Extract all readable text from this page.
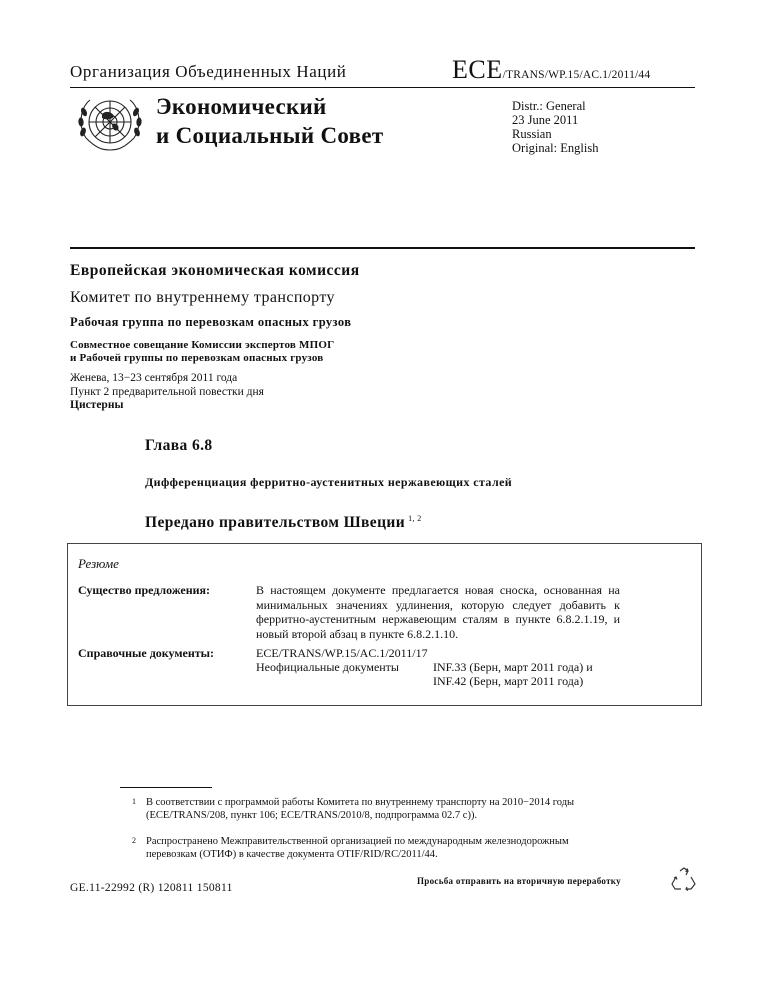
Организация Объединенных Наций	ECE/TRANS/WP.15/AC.1/2011/44
Экономический
и Социальный Совет
Distr.: General
23 June 2011
Russian
Original: English
Европейская экономическая комиссия
Комитет по внутреннему транспорту
Рабочая группа по перевозкам опасных грузов
Совместное совещание Комиссии экспертов МПОГ
и Рабочей группы по перевозкам опасных грузов
Женева, 13−23 сентября 2011 года
Пункт 2 предварительной повестки дня
Цистерны
Глава 6.8
Дифференциация ферритно-аустенитных нержавеющих сталей
Передано правительством Швеции $^{1, 2}$
Резюме
Существо предложения:	В настоящем документе предлагается новая сноска, основанная на минимальных значениях удлинения, которую следует добавить к ферритно-аустенитным нержавеющим сталям в пункте 6.8.2.1.19, и новый второй абзац в пункте 6.8.2.1.10.
Справочные документы:	ECE/TRANS/WP.15/AC.1/2011/17
Неофициальные документы	INF.33 (Берн, март 2011 года) и
INF.42 (Берн, март 2011 года)
1 В соответствии с программой работы Комитета по внутреннему транспорту на 2010−2014 годы (ECE/TRANS/208, пункт 106; ECE/TRANS/2010/8, подпрограмма 02.7 c)).
2 Распространено Межправительственной организацией по международным железнодорожным перевозкам (ОТИФ) в качестве документа OTIF/RID/RC/2011/44.
GE.11-22992 (R) 120811 150811
Просьба отправить на вторичную переработку
